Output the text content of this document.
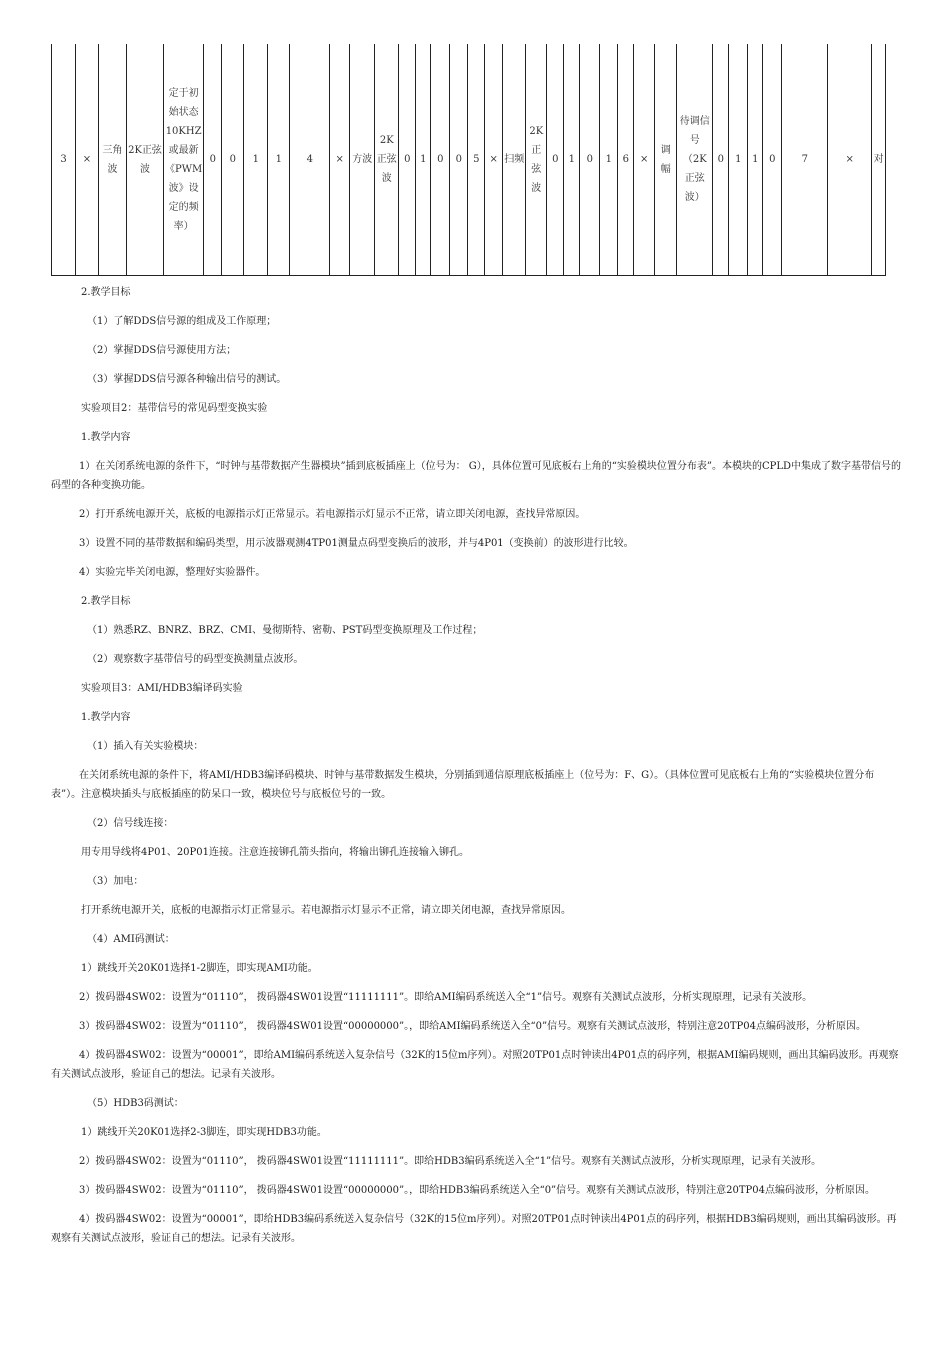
3	×	三角波	2K正弦波	定于初始状态10KHZ或最新《PWM波》设定的频率）	0	0	1	1	4	×	方波	2K正弦波	0	1	0	0	5	×	扫频	2K正弦波	0	1	0	1	6	×	调幅	待调信号（2K正弦波）	0	1	1	0	7	×	对

2.教学目标

（1）了解DDS信号源的组成及工作原理；

（2）掌握DDS信号源使用方法；

（3）掌握DDS信号源各种输出信号的测试。

实验项目2：基带信号的常见码型变换实验

1.教学内容

1）在关闭系统电源的条件下，“时钟与基带数据产生器模块”插到底板插座上（位号为： G），具体位置可见底板右上角的“实验模块位置分布表”。本模块的CPLD中集成了数字基带信号的码型的各种变换功能。

2）打开系统电源开关，底板的电源指示灯正常显示。若电源指示灯显示不正常，请立即关闭电源，查找异常原因。

3）设置不同的基带数据和编码类型，用示波器观测4TP01测量点码型变换后的波形，并与4P01（变换前）的波形进行比较。

4）实验完毕关闭电源，整理好实验器件。

2.教学目标

（1）熟悉RZ、BNRZ、BRZ、CMI、曼彻斯特、密勒、PST码型变换原理及工作过程；

（2）观察数字基带信号的码型变换测量点波形。

实验项目3：AMI/HDB3编译码实验

1.教学内容

（1）插入有关实验模块：

在关闭系统电源的条件下，将AMI/HDB3编译码模块、时钟与基带数据发生模块，分别插到通信原理底板插座上（位号为：F、G）。（具体位置可见底板右上角的“实验模块位置分布表”）。注意模块插头与底板插座的防呆口一致，模块位号与底板位号的一致。

（2）信号线连接：

用专用导线将4P01、20P01连接。注意连接铆孔箭头指向，将输出铆孔连接输入铆孔。

（3）加电：

打开系统电源开关，底板的电源指示灯正常显示。若电源指示灯显示不正常，请立即关闭电源，查找异常原因。

（4）AMI码测试：

1）跳线开关20K01选择1-2脚连，即实现AMI功能。

2）拨码器4SW02：设置为“01110”， 拨码器4SW01设置“11111111”。即给AMI编码系统送入全“1”信号。观察有关测试点波形，分析实现原理，记录有关波形。

3）拨码器4SW02：设置为“01110”， 拨码器4SW01设置“00000000”。，即给AMI编码系统送入全“0”信号。观察有关测试点波形，特别注意20TP04点编码波形，分析原因。

4）拨码器4SW02：设置为“00001”，即给AMI编码系统送入复杂信号（32K的15位m序列）。对照20TP01点时钟读出4P01点的码序列，根据AMI编码规则，画出其编码波形。再观察有关测试点波形，验证自己的想法。记录有关波形。

（5）HDB3码测试：

1）跳线开关20K01选择2-3脚连，即实现HDB3功能。

2）拨码器4SW02：设置为“01110”， 拨码器4SW01设置“11111111”。即给HDB3编码系统送入全“1”信号。观察有关测试点波形，分析实现原理，记录有关波形。

3）拨码器4SW02：设置为“01110”， 拨码器4SW01设置“00000000”。，即给HDB3编码系统送入全“0”信号。观察有关测试点波形，特别注意20TP04点编码波形，分析原因。

4）拨码器4SW02：设置为“00001”，即给HDB3编码系统送入复杂信号（32K的15位m序列）。对照20TP01点时钟读出4P01点的码序列，根据HDB3编码规则，画出其编码波形。再观察有关测试点波形，验证自己的想法。记录有关波形。
